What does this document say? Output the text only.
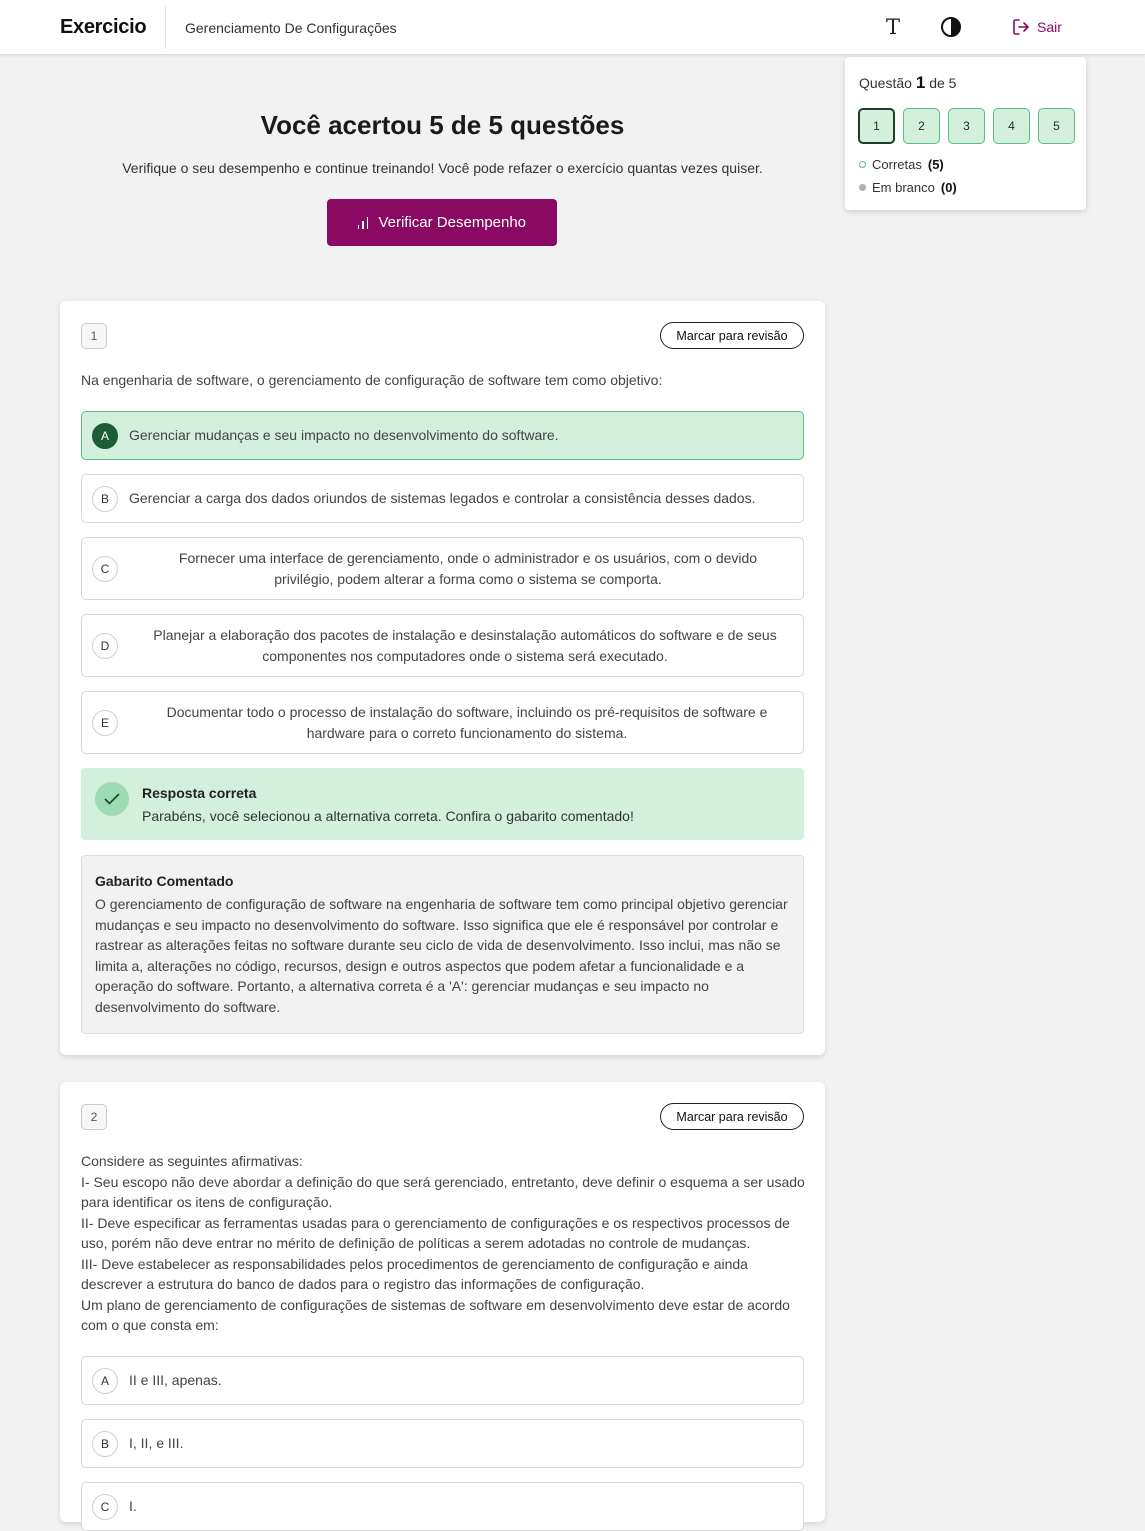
Exercicio	Gerenciamento De Configurações	T	Sair
Você acertou 5 de 5 questões
Verifique o seu desempenho e continue treinando! Você pode refazer o exercício quantas vezes quiser.
Verificar Desempenho
Questão 1 de 5
1	2	3	4	5
Corretas (5)
Em branco (0)
1	Marcar para revisão
Na engenharia de software, o gerenciamento de configuração de software tem como objetivo:
A	Gerenciar mudanças e seu impacto no desenvolvimento do software.
B	Gerenciar a carga dos dados oriundos de sistemas legados e controlar a consistência desses dados.
C
Fornecer uma interface de gerenciamento, onde o administrador e os usuários, com o devido privilégio, podem alterar a forma como o sistema se comporta.
D
Planejar a elaboração dos pacotes de instalação e desinstalação automáticos do software e de seus componentes nos computadores onde o sistema será executado.
E
Documentar todo o processo de instalação do software, incluindo os pré-requisitos de software e hardware para o correto funcionamento do sistema.
Resposta correta
Parabéns, você selecionou a alternativa correta. Confira o gabarito comentado!
Gabarito Comentado
O gerenciamento de configuração de software na engenharia de software tem como principal objetivo gerenciar mudanças e seu impacto no desenvolvimento do software. Isso significa que ele é responsável por controlar e rastrear as alterações feitas no software durante seu ciclo de vida de desenvolvimento. Isso inclui, mas não se limita a, alterações no código, recursos, design e outros aspectos que podem afetar a funcionalidade e a operação do software. Portanto, a alternativa correta é a 'A': gerenciar mudanças e seu impacto no desenvolvimento do software.
2	Marcar para revisão
Considere as seguintes afirmativas:
I- Seu escopo não deve abordar a definição do que será gerenciado, entretanto, deve definir o esquema a ser usado para identificar os itens de configuração.
II- Deve especificar as ferramentas usadas para o gerenciamento de configurações e os respectivos processos de uso, porém não deve entrar no mérito de definição de políticas a serem adotadas no controle de mudanças.
III- Deve estabelecer as responsabilidades pelos procedimentos de gerenciamento de configuração e ainda descrever a estrutura do banco de dados para o registro das informações de configuração.
Um plano de gerenciamento de configurações de sistemas de software em desenvolvimento deve estar de acordo com o que consta em:
A	II e III, apenas.
B	I, II, e III.
C	I.
